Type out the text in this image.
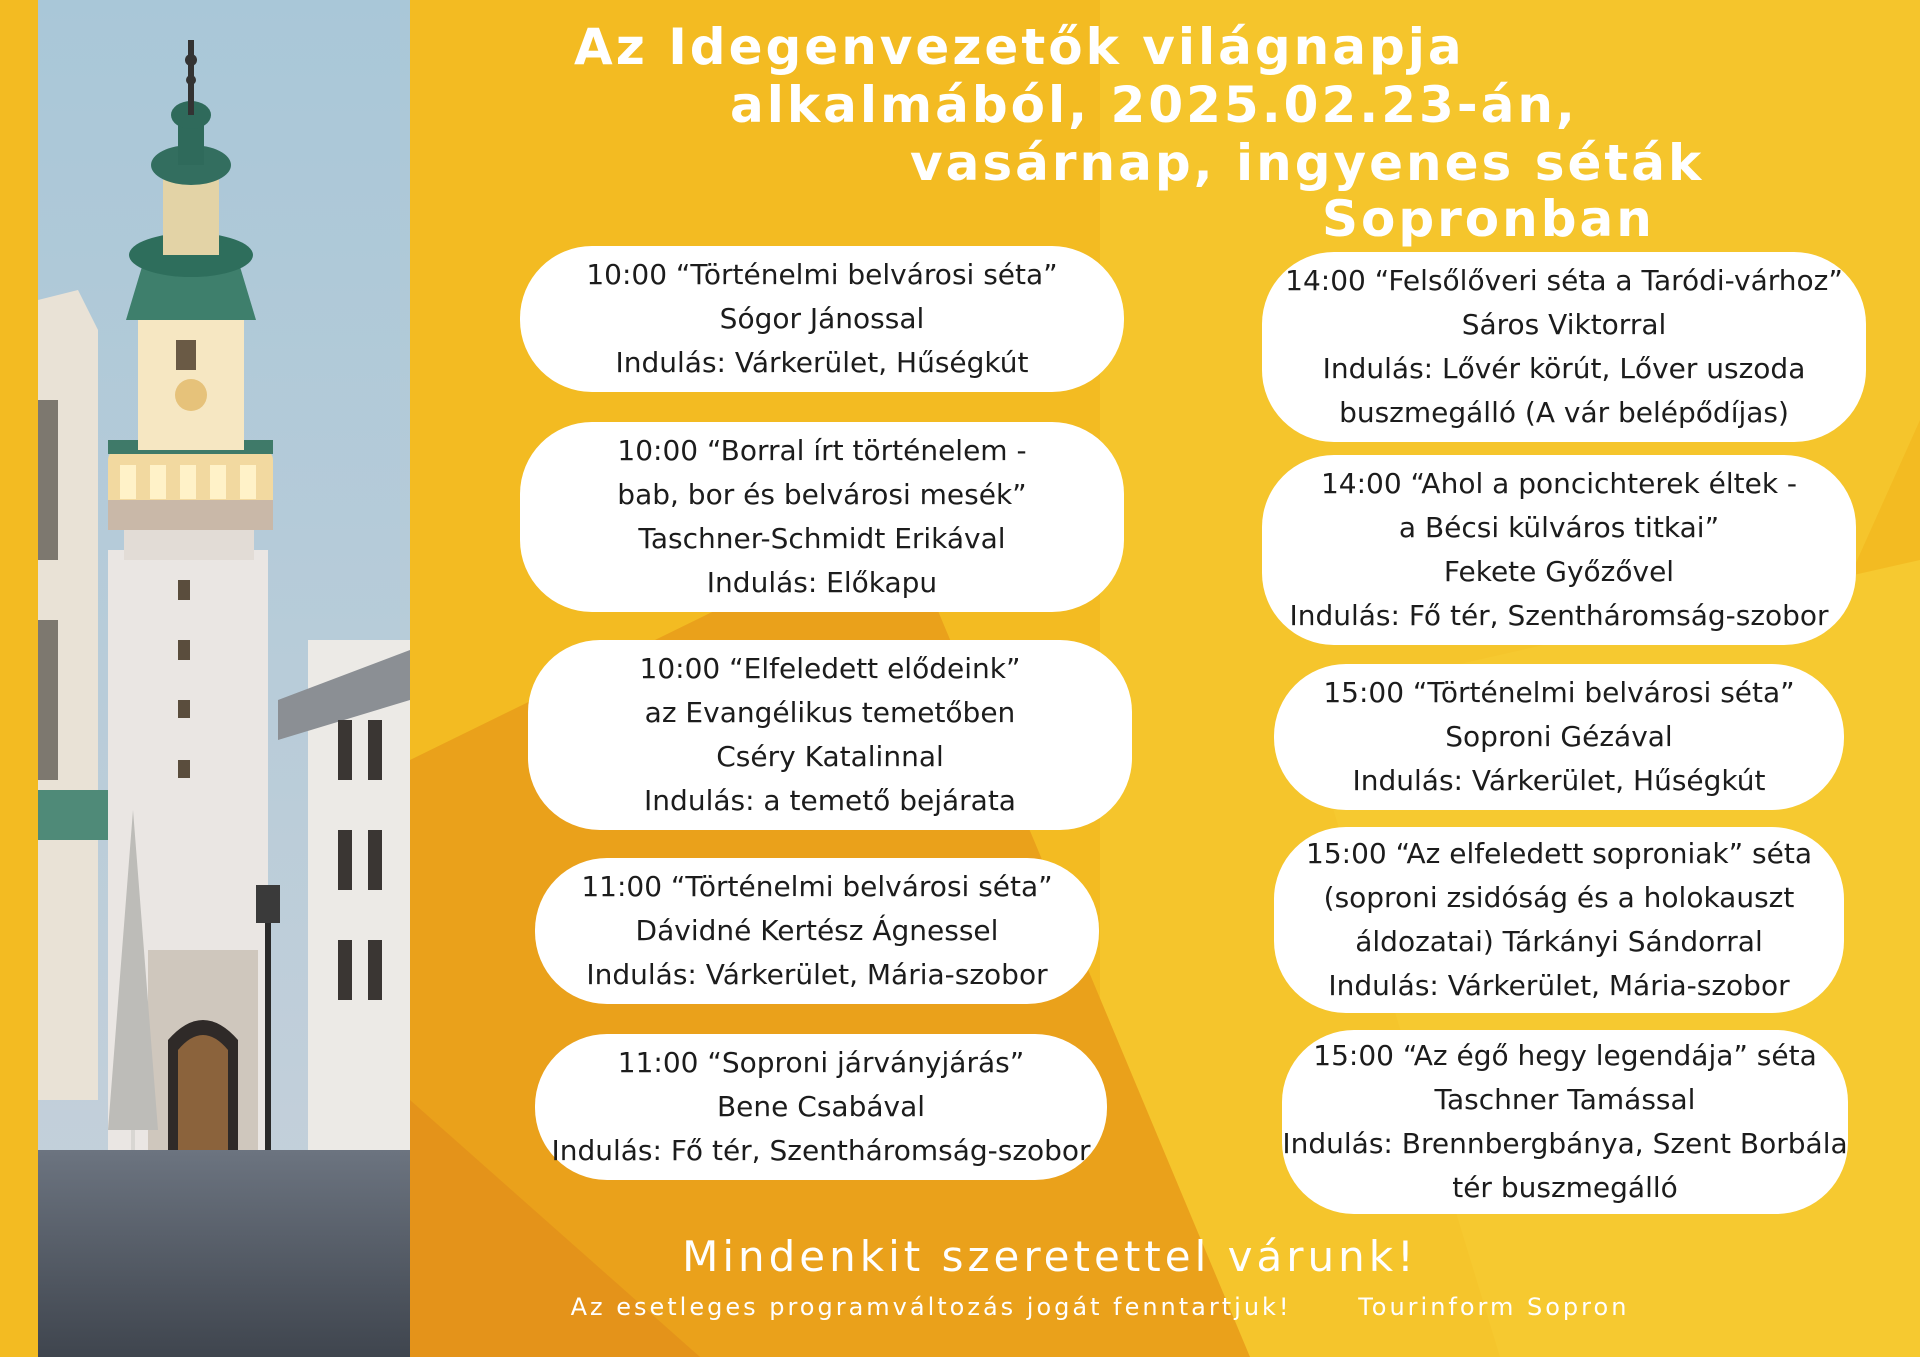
Az Idegenvezetők világnapja
alkalmából, 2025.02.23-án,
vasárnap, ingyenes séták
Sopronban
10:00 “Történelmi belvárosi séta”
Sógor Jánossal
Indulás: Várkerület, Hűségkút
10:00 “Borral írt történelem -
bab, bor és belvárosi mesék”
Taschner-Schmidt Erikával
Indulás: Előkapu
10:00 “Elfeledett elődeink”
az Evangélikus temetőben
Cséry Katalinnal
Indulás: a temető bejárata
11:00 “Történelmi belvárosi séta”
Dávidné Kertész Ágnessel
Indulás: Várkerület, Mária-szobor
11:00 “Soproni járványjárás”
Bene Csabával
Indulás: Fő tér, Szentháromság-szobor
14:00 “Felsőlőveri séta a Taródi-várhoz”
Sáros Viktorral
Indulás: Lővér körút, Lőver uszoda
buszmegálló (A vár belépődíjas)
14:00 “Ahol a poncichterek éltek -
a Bécsi külváros titkai”
Fekete Győzővel
Indulás: Fő tér, Szentháromság-szobor
15:00 “Történelmi belvárosi séta”
Soproni Gézával
Indulás: Várkerület, Hűségkút
15:00 “Az elfeledett soproniak” séta
(soproni zsidóság és a holokauszt
áldozatai) Tárkányi Sándorral
Indulás: Várkerület, Mária-szobor
15:00 “Az égő hegy legendája” séta
Taschner Tamással
Indulás: Brennbergbánya, Szent Borbála
tér buszmegálló
Mindenkit szeretettel várunk!
Az esetleges programváltozás jogát fenntartjuk!	Tourinform Sopron
